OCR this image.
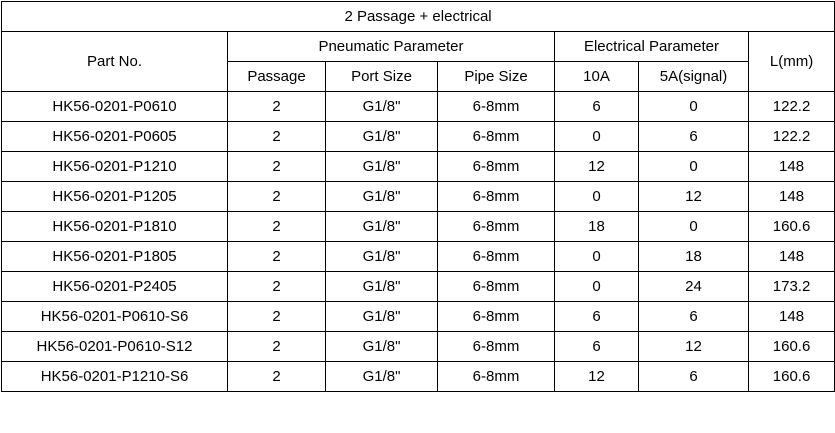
2 Passage + electrical						
Part No.	Pneumatic Parameter			Electrical Parameter		L(mm)
	Passage	Port Size	Pipe Size	10A	5A(signal)	
HK56-0201-P0610	2	G1/8"	6-8mm	6	0	122.2
HK56-0201-P0605	2	G1/8"	6-8mm	0	6	122.2
HK56-0201-P1210	2	G1/8"	6-8mm	12	0	148
HK56-0201-P1205	2	G1/8"	6-8mm	0	12	148
HK56-0201-P1810	2	G1/8"	6-8mm	18	0	160.6
HK56-0201-P1805	2	G1/8"	6-8mm	0	18	148
HK56-0201-P2405	2	G1/8"	6-8mm	0	24	173.2
HK56-0201-P0610-S6	2	G1/8"	6-8mm	6	6	148
HK56-0201-P0610-S12	2	G1/8"	6-8mm	6	12	160.6
HK56-0201-P1210-S6	2	G1/8"	6-8mm	12	6	160.6
